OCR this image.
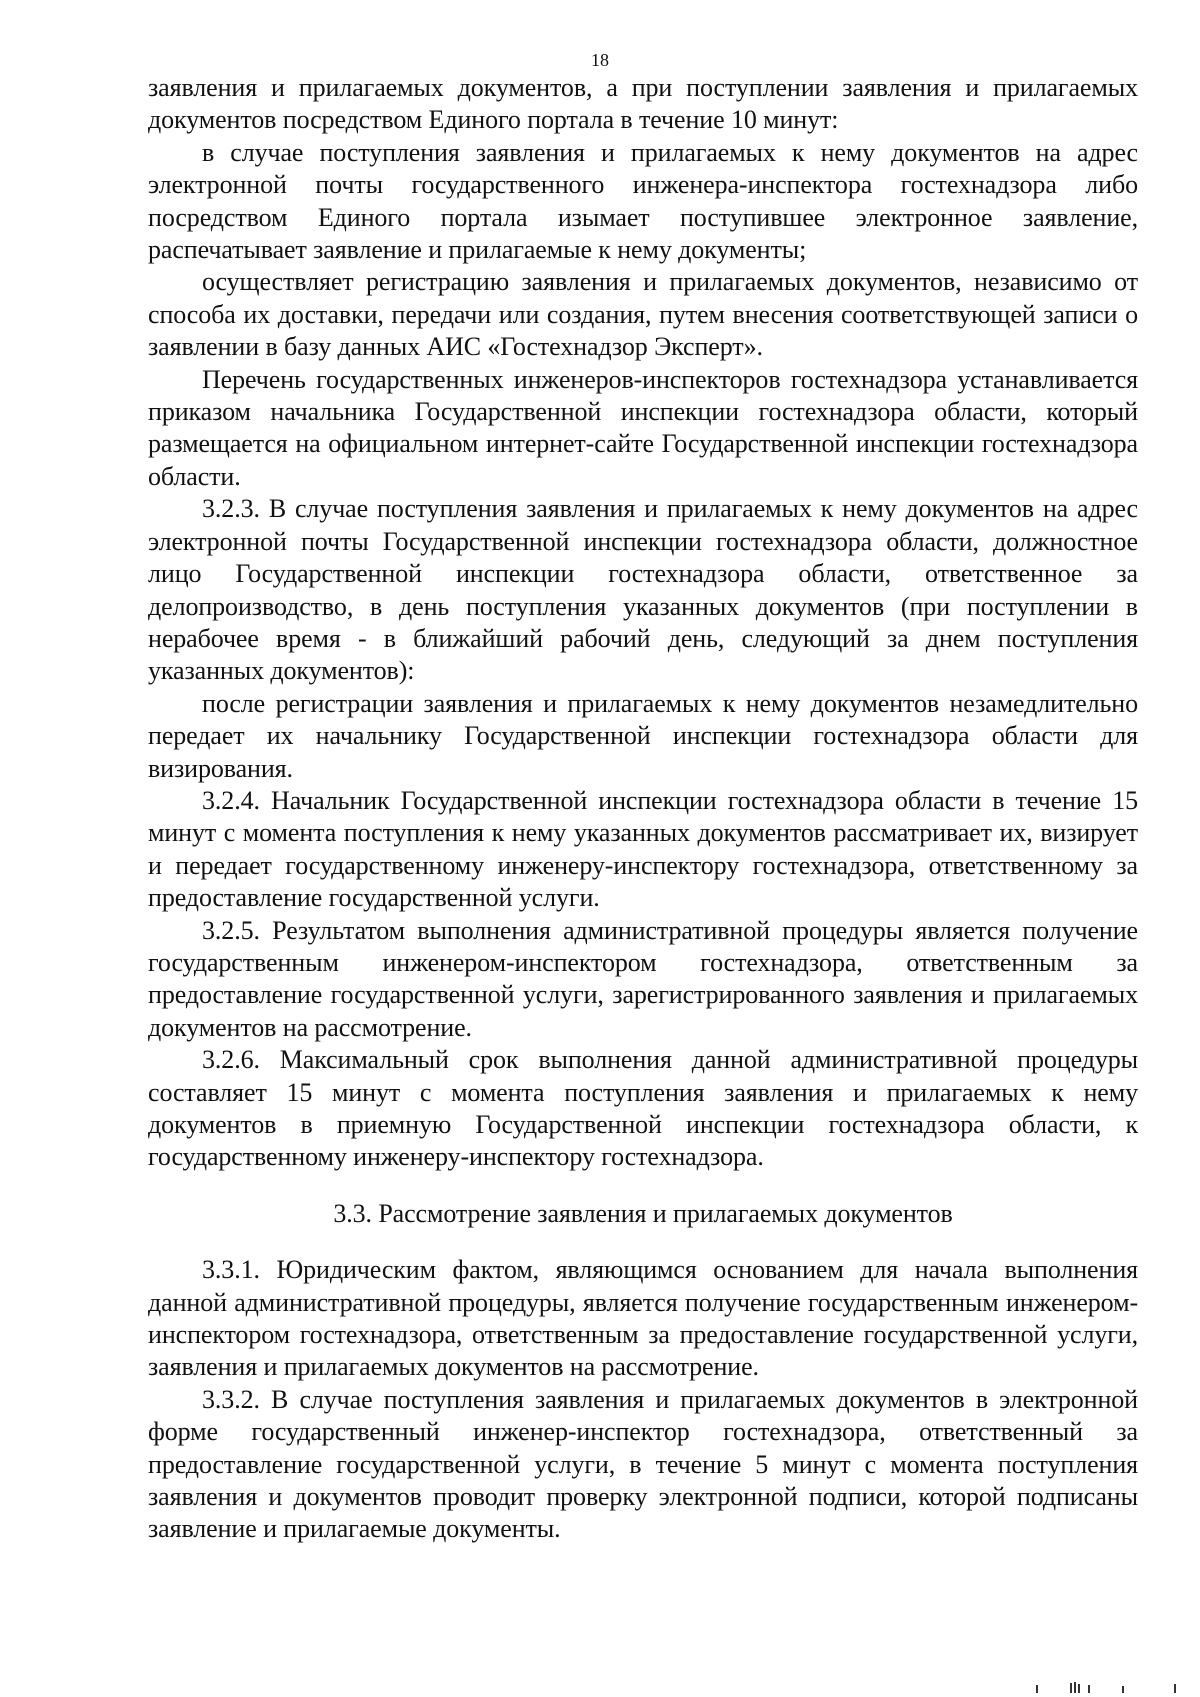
18

заявления и прилагаемых документов, а при поступлении заявления и прилагаемых документов посредством Единого портала в течение 10 минут:

в случае поступления заявления и прилагаемых к нему документов на адрес электронной почты государственного инженера-инспектора гостехнадзора либо посредством Единого портала изымает поступившее электронное заявление, распечатывает заявление и прилагаемые к нему документы;

осуществляет регистрацию заявления и прилагаемых документов, независимо от способа их доставки, передачи или создания, путем внесения соответствующей записи о заявлении в базу данных АИС «Гостехнадзор Эксперт».

Перечень государственных инженеров-инспекторов гостехнадзора устанавливается приказом начальника Государственной инспекции гостехнадзора области, который размещается на официальном интернет-сайте Государственной инспекции гостехнадзора области.

3.2.3. В случае поступления заявления и прилагаемых к нему документов на адрес электронной почты Государственной инспекции гостехнадзора области, должностное лицо Государственной инспекции гостехнадзора области, ответственное за делопроизводство, в день поступления указанных документов (при поступлении в нерабочее время - в ближайший рабочий день, следующий за днем поступления указанных документов):

после регистрации заявления и прилагаемых к нему документов незамедлительно передает их начальнику Государственной инспекции гостехнадзора области для визирования.

3.2.4. Начальник Государственной инспекции гостехнадзора области в течение 15 минут с момента поступления к нему указанных документов рассматривает их, визирует и передает государственному инженеру-инспектору гостехнадзора, ответственному за предоставление государственной услуги.

3.2.5. Результатом выполнения административной процедуры является получение государственным инженером-инспектором гостехнадзора, ответственным за предоставление государственной услуги, зарегистрированного заявления и прилагаемых документов на рассмотрение.

3.2.6. Максимальный срок выполнения данной административной процедуры составляет 15 минут с момента поступления заявления и прилагаемых к нему документов в приемную Государственной инспекции гостехнадзора области, к государственному инженеру-инспектору гостехнадзора.

3.3. Рассмотрение заявления и прилагаемых документов

3.3.1. Юридическим фактом, являющимся основанием для начала выполнения данной административной процедуры, является получение государственным инженером-инспектором гостехнадзора, ответственным за предоставление государственной услуги, заявления и прилагаемых документов на рассмотрение.

3.3.2. В случае поступления заявления и прилагаемых документов в электронной форме государственный инженер-инспектор гостехнадзора, ответственный за предоставление государственной услуги, в течение 5 минут с момента поступления заявления и документов проводит проверку электронной подписи, которой подписаны заявление и прилагаемые документы.
